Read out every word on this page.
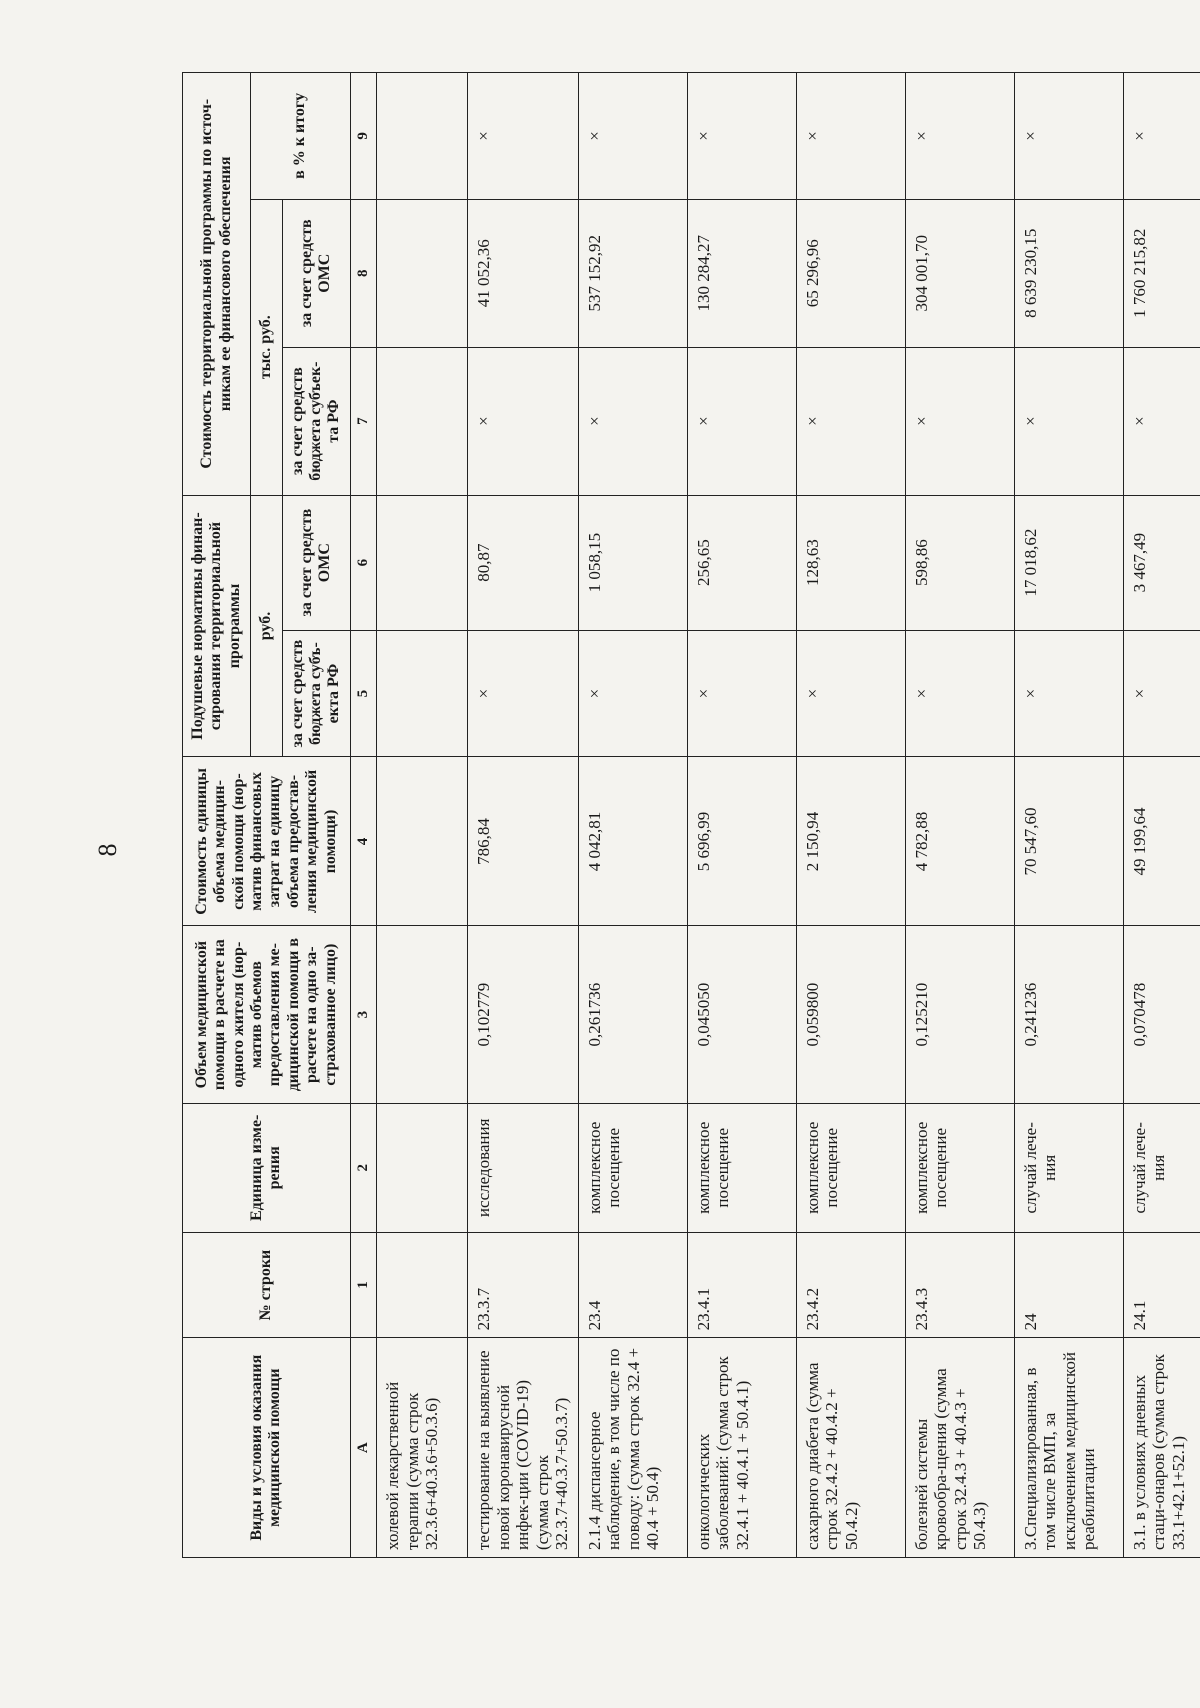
8
Виды и условия оказания медицинской помощи	№ строки	Единица изме-рения	Объем медицинской помощи в расчете на одного жителя (нор-матив объемов предоставления ме-дицинской помощи в расчете на одно за-страхованное лицо)	Стоимость единицы объема медицин-ской помощи (нор-матив финансовых затрат на единицу объема предостав-ления медицинской помощи)	Подушевые нормативы финан-сирования территориальной программы		Стоимость территориальной программы по источ-никам ее финансового обеспечения		
					руб.		тыс. руб.		в % к итогу
					за счет средств бюджета субъ-екта РФ	за счет средств ОМС	за счет средств бюджета субъек-та РФ	за счет средств ОМС	
А	1	2	3	4	5	6	7	8	9
холевой лекарственной терапии (сумма строк 32.3.6+40.3.6+50.3.6)									
тестирование на выявление новой коронавирусной инфек-ции (COVID-19) (сумма строк 32.3.7+40.3.7+50.3.7)	23.3.7	исследования	0,102779	786,84	×	80,87	×	41 052,36	×
2.1.4 диспансерное наблюдение, в том числе по поводу: (сумма строк 32.4 + 40.4 + 50.4)	23.4	комплексное посещение	0,261736	4 042,81	×	1 058,15	×	537 152,92	×
онкологических заболеваний: (сумма строк 32.4.1 + 40.4.1 + 50.4.1)	23.4.1	комплексное посещение	0,045050	5 696,99	×	256,65	×	130 284,27	×
сахарного диабета (сумма строк 32.4.2 + 40.4.2 + 50.4.2)	23.4.2	комплексное посещение	0,059800	2 150,94	×	128,63	×	65 296,96	×
болезней системы кровообра-щения (сумма строк 32.4.3 + 40.4.3 + 50.4.3)	23.4.3	комплексное посещение	0,125210	4 782,88	×	598,86	×	304 001,70	×
3.Специализированная, в том числе ВМП, за исключением медицинской реабилитации	24	случай лече-ния	0,241236	70 547,60	×	17 018,62	×	8 639 230,15	×
3.1. в условиях дневных стаци-онаров (сумма строк 33.1+42.1+52.1)	24.1	случай лече-ния	0,070478	49 199,64	×	3 467,49	×	1 760 215,82	×
